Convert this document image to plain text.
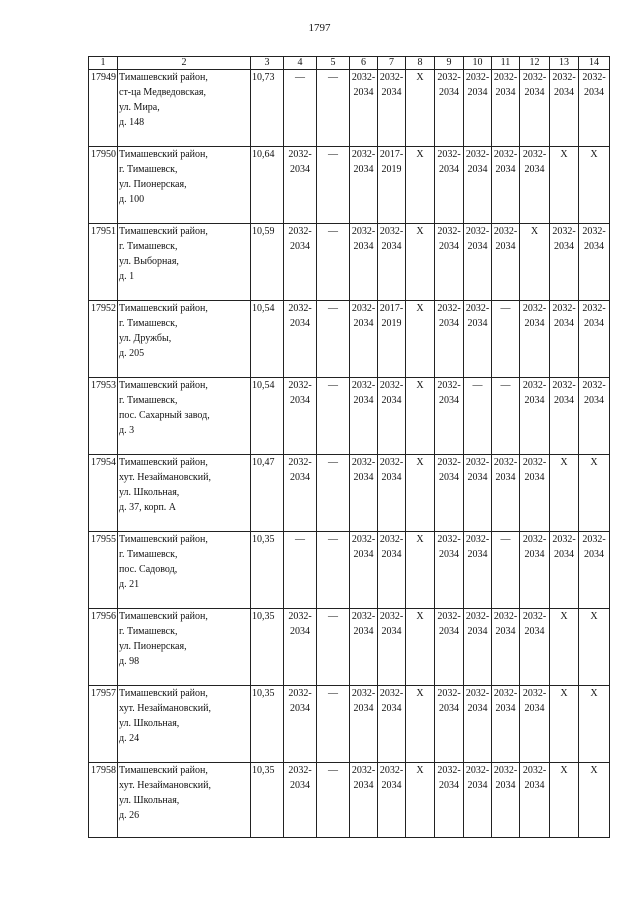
1797
1	2	3	4	5	6	7	8	9	10	11	12	13	14
17949	Тимашевский район,
ст-ца Медведовская,
ул. Мира,
д. 148	10,73	—	—	2032-
2034	2032-
2034	X	2032-
2034	2032-
2034	2032-
2034	2032-
2034	2032-
2034	2032-
2034

17950	Тимашевский район,
г. Тимашевск,
ул. Пионерская,
д. 100	10,64	2032-
2034	—	2032-
2034	2017-
2019	X	2032-
2034	2032-
2034	2032-
2034	2032-
2034	X	X
17951	Тимашевский район,
г. Тимашевск,
ул. Выборная,
д. 1	10,59	2032-
2034	—	2032-
2034	2032-
2034	X	2032-
2034	2032-
2034	2032-
2034	X	2032-
2034	2032-
2034

17952	Тимашевский район,
г. Тимашевск,
ул. Дружбы,
д. 205	10,54	2032-
2034	—	2032-
2034	2017-
2019	X	2032-
2034	2032-
2034	—	2032-
2034	2032-
2034	2032-
2034

17953	Тимашевский район,
г. Тимашевск,
пос. Сахарный завод,
д. 3	10,54	2032-
2034	—	2032-
2034	2032-
2034	X	2032-
2034	—	—	2032-
2034	2032-
2034	2032-
2034

17954	Тимашевский район,
хут. Незаймановский,
ул. Школьная,
д. 37, корп. А	10,47	2032-
2034	—	2032-
2034	2032-
2034	X	2032-
2034	2032-
2034	2032-
2034	2032-
2034	X	X
17955	Тимашевский район,
г. Тимашевск,
пос. Садовод,
д. 21	10,35	—	—	2032-
2034	2032-
2034	X	2032-
2034	2032-
2034	—	2032-
2034	2032-
2034	2032-
2034

17956	Тимашевский район,
г. Тимашевск,
ул. Пионерская,
д. 98	10,35	2032-
2034	—	2032-
2034	2032-
2034	X	2032-
2034	2032-
2034	2032-
2034	2032-
2034	X	X
17957	Тимашевский район,
хут. Незаймановский,
ул. Школьная,
д. 24	10,35	2032-
2034	—	2032-
2034	2032-
2034	X	2032-
2034	2032-
2034	2032-
2034	2032-
2034	X	X
17958	Тимашевский район,
хут. Незаймановский,
ул. Школьная,
д. 26	10,35	2032-
2034	—	2032-
2034	2032-
2034	X	2032-
2034	2032-
2034	2032-
2034	2032-
2034	X	X
